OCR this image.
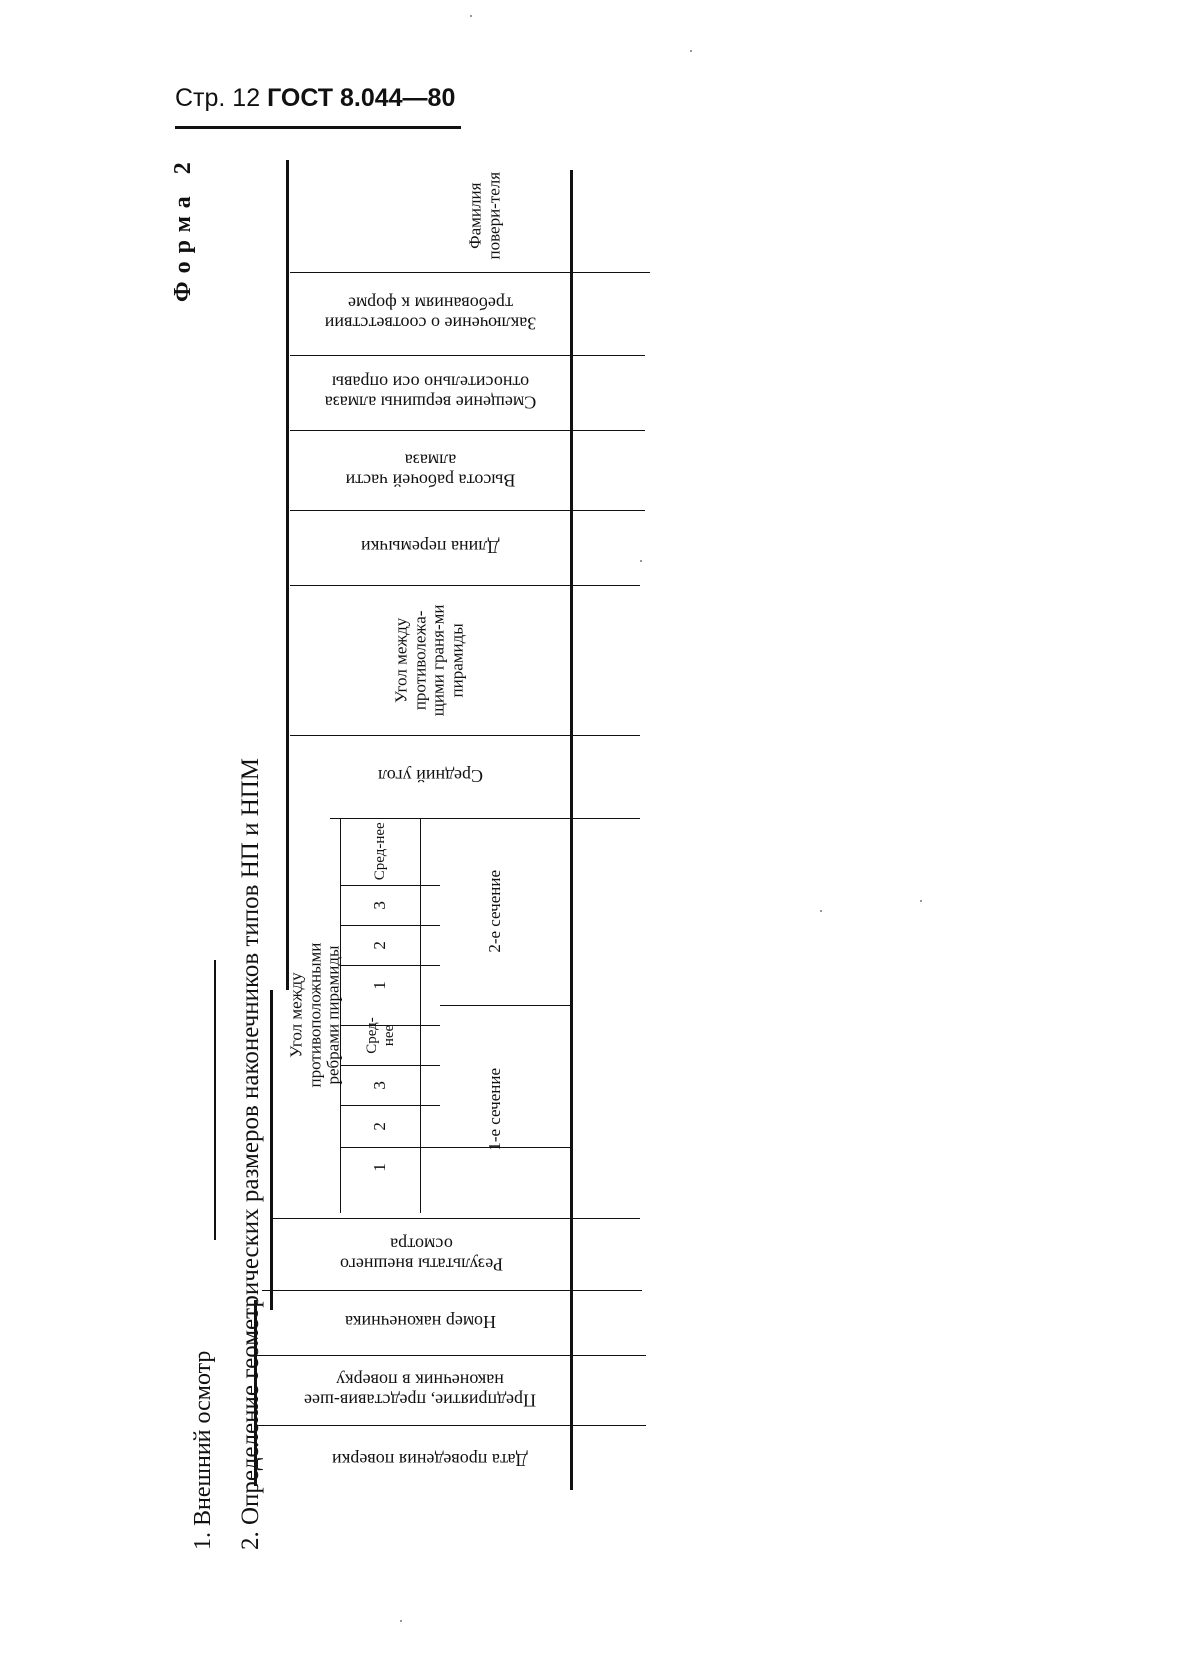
Стр. 12 ГОСТ 8.044—80
Форма 2
1. Внешний осмотр 2. Определение геометрических размеров наконечников типов НП и НПМ	Дата проведения поверки
Предприятие, представив-шее наконечник в поверку
Номер наконечника
Результаты внешнего осмотра
Угол между противоположными ребрами пирамиды
1
2
3
Сред-нее
1
2
3
Сред-нее
1-е сечение
2-е сечение
Средний угол
Угол между противолежа-щими граня-ми пирамиды
Длина перемычки
Высота рабочей части алмаза
Смещение вершины алмаза относительно оси оправы
Заключение о соответствии требованиям к форме
Фамилия повери-теля
